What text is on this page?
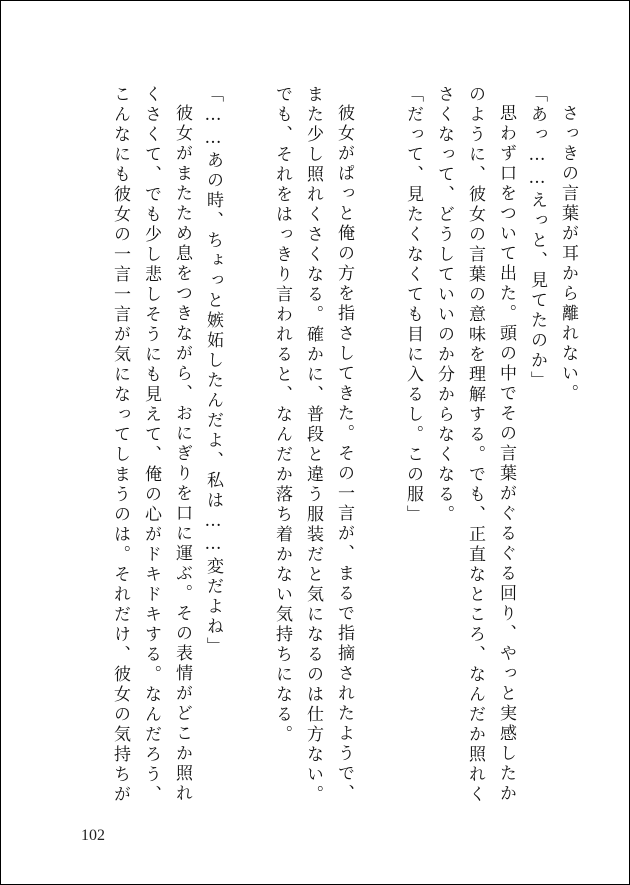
さっきの言葉が耳から離れない。
「あっ……えっと、見てたのか」
思わず口をついて出た。頭の中でその言葉がぐるぐる回り、やっと実感したか
のように、彼女の言葉の意味を理解する。でも、正直なところ、なんだか照れく
さくなって、どうしていいのか分からなくなる。
「だって、見たくなくても目に入るし。この服」
彼女がぱっと俺の方を指さしてきた。その一言が、まるで指摘されたようで、
また少し照れくさくなる。確かに、普段と違う服装だと気になるのは仕方ない。
でも、それをはっきり言われると、なんだか落ち着かない気持ちになる。
「……あの時、ちょっと嫉妬したんだよ、私は……変だよね」
彼女がまたため息をつきながら、おにぎりを口に運ぶ。その表情がどこか照れ
くさくて、でも少し悲しそうにも見えて、俺の心がドキドキする。なんだろう、
こんなにも彼女の一言一言が気になってしまうのは。それだけ、彼女の気持ちが
102
